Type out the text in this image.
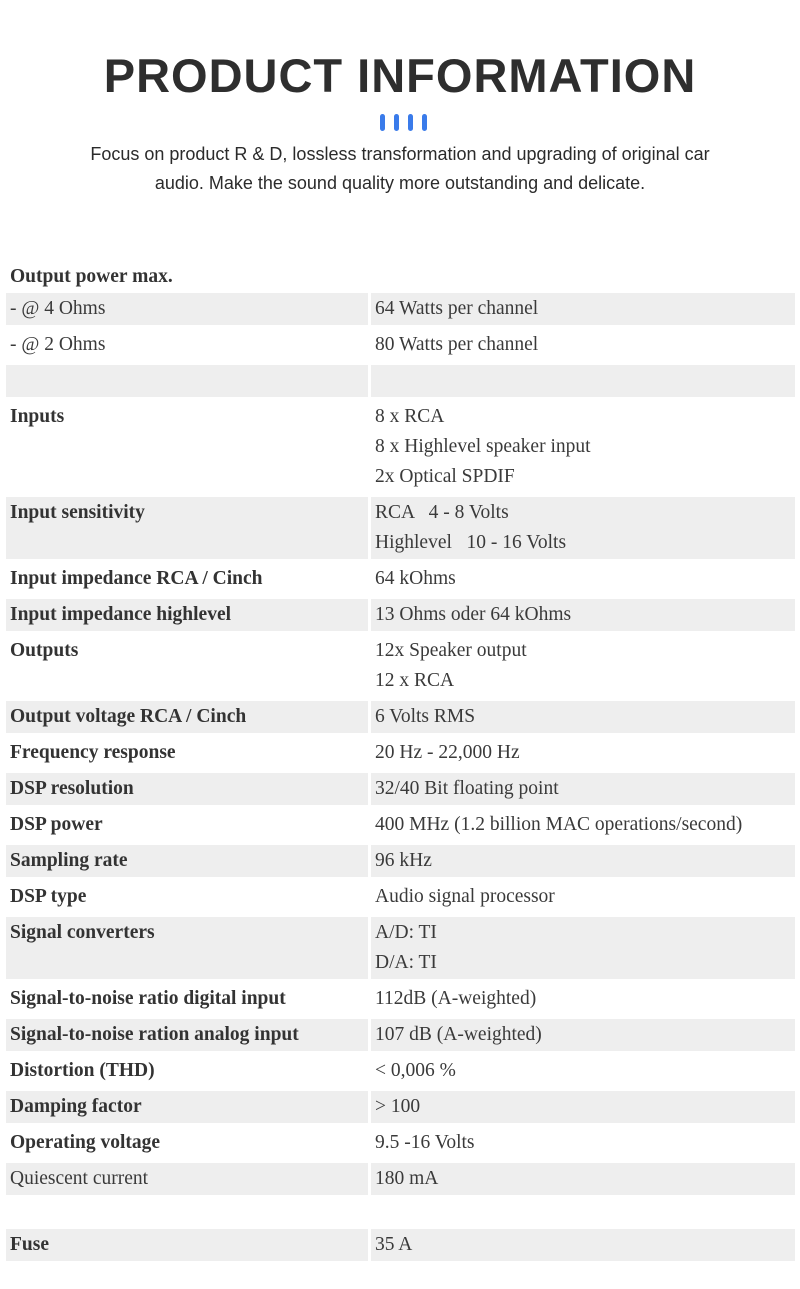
PRODUCT INFORMATION

Focus on product R & D, lossless transformation and upgrading of original car
audio. Make the sound quality more outstanding and delicate.

Output power max.
- @ 4 Ohms	64 Watts per channel
- @ 2 Ohms	80 Watts per channel
Inputs	8 x RCA
8 x Highlevel speaker input
2x Optical SPDIF
Input sensitivity	RCA   4 - 8 Volts
Highlevel   10 - 16 Volts
Input impedance RCA / Cinch	64 kOhms
Input impedance highlevel	13 Ohms oder 64 kOhms
Outputs	12x Speaker output
12 x RCA
Output voltage RCA / Cinch	6 Volts RMS
Frequency response	20 Hz - 22,000 Hz
DSP resolution	32/40 Bit floating point
DSP power	400 MHz (1.2 billion MAC operations/second)
Sampling rate	96 kHz
DSP type	Audio signal processor
Signal converters	A/D: TI
D/A: TI
Signal-to-noise ratio digital input	112dB (A-weighted)
Signal-to-noise ration analog input	107 dB (A-weighted)
Distortion (THD)	< 0,006 %
Damping factor	> 100
Operating voltage	9.5 -16 Volts
Quiescent current	180 mA
Fuse	35 A
